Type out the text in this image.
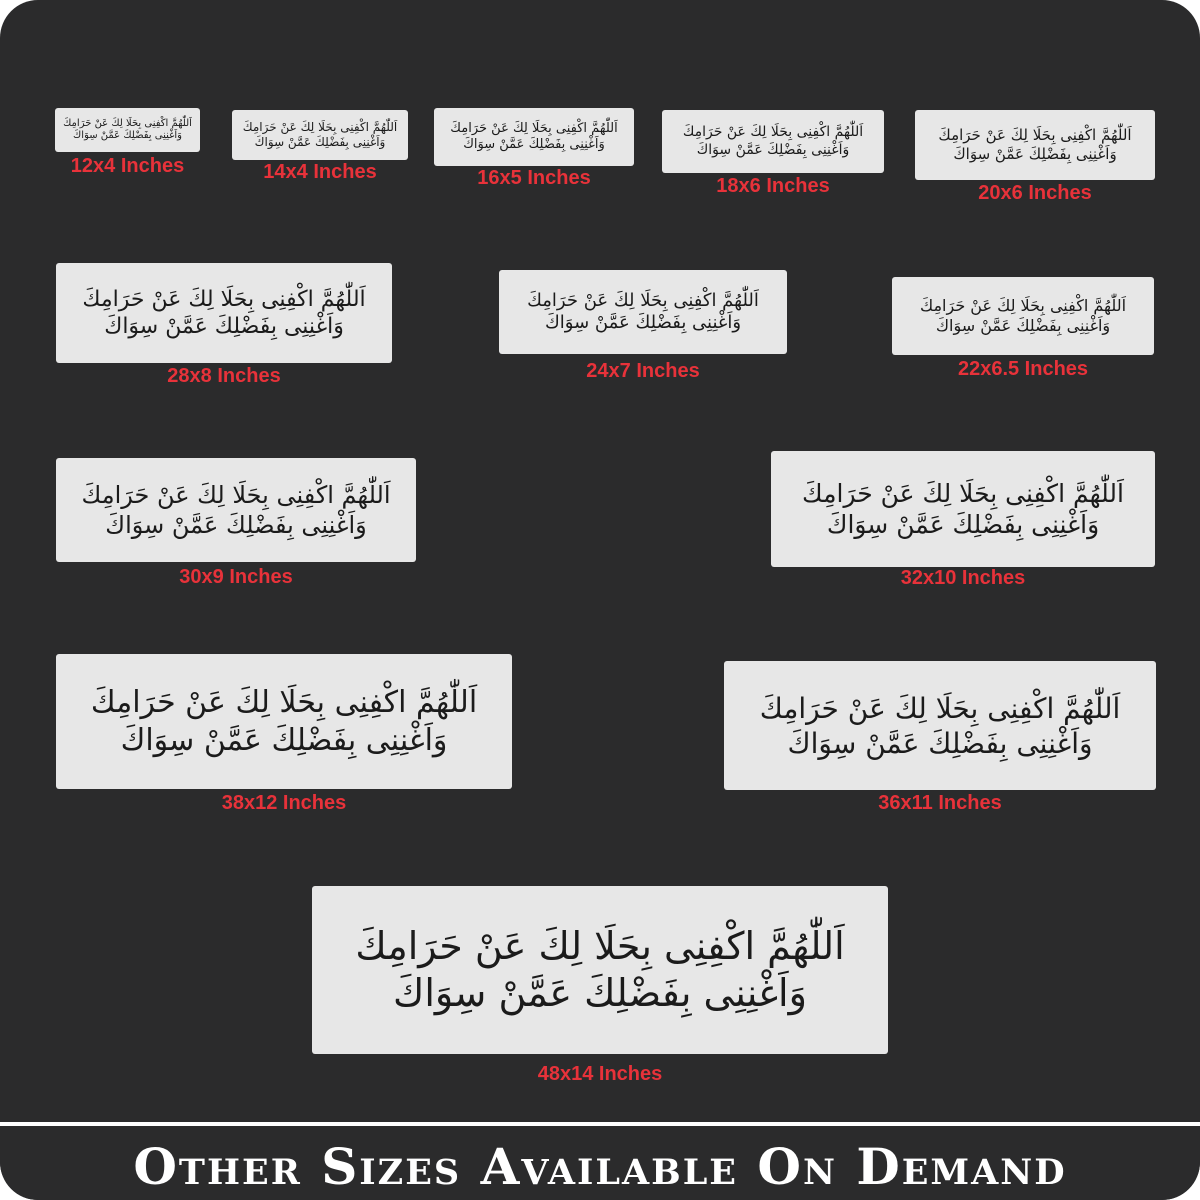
اَللّٰهُمَّ اكْفِنِى بِحَلَا لِكَ عَنْ حَرَامِكَ
وَاَغْنِنِى بِفَضْلِكَ عَمَّنْ سِوَاكَ
12x4 Inches
اَللّٰهُمَّ اكْفِنِى بِحَلَا لِكَ عَنْ حَرَامِكَ
وَاَغْنِنِى بِفَضْلِكَ عَمَّنْ سِوَاكَ
14x4 Inches
اَللّٰهُمَّ اكْفِنِى بِحَلَا لِكَ عَنْ حَرَامِكَ
وَاَغْنِنِى بِفَضْلِكَ عَمَّنْ سِوَاكَ
16x5 Inches
اَللّٰهُمَّ اكْفِنِى بِحَلَا لِكَ عَنْ حَرَامِكَ
وَاَغْنِنِى بِفَضْلِكَ عَمَّنْ سِوَاكَ
18x6 Inches
اَللّٰهُمَّ اكْفِنِى بِحَلَا لِكَ عَنْ حَرَامِكَ
وَاَغْنِنِى بِفَضْلِكَ عَمَّنْ سِوَاكَ
20x6 Inches
اَللّٰهُمَّ اكْفِنِى بِحَلَا لِكَ عَنْ حَرَامِكَ
وَاَغْنِنِى بِفَضْلِكَ عَمَّنْ سِوَاكَ
28x8 Inches
اَللّٰهُمَّ اكْفِنِى بِحَلَا لِكَ عَنْ حَرَامِكَ
وَاَغْنِنِى بِفَضْلِكَ عَمَّنْ سِوَاكَ
24x7 Inches
اَللّٰهُمَّ اكْفِنِى بِحَلَا لِكَ عَنْ حَرَامِكَ
وَاَغْنِنِى بِفَضْلِكَ عَمَّنْ سِوَاكَ
22x6.5 Inches
اَللّٰهُمَّ اكْفِنِى بِحَلَا لِكَ عَنْ حَرَامِكَ
وَاَغْنِنِى بِفَضْلِكَ عَمَّنْ سِوَاكَ
30x9 Inches
اَللّٰهُمَّ اكْفِنِى بِحَلَا لِكَ عَنْ حَرَامِكَ
وَاَغْنِنِى بِفَضْلِكَ عَمَّنْ سِوَاكَ
32x10 Inches
اَللّٰهُمَّ اكْفِنِى بِحَلَا لِكَ عَنْ حَرَامِكَ
وَاَغْنِنِى بِفَضْلِكَ عَمَّنْ سِوَاكَ
38x12 Inches
اَللّٰهُمَّ اكْفِنِى بِحَلَا لِكَ عَنْ حَرَامِكَ
وَاَغْنِنِى بِفَضْلِكَ عَمَّنْ سِوَاكَ
36x11 Inches
اَللّٰهُمَّ اكْفِنِى بِحَلَا لِكَ عَنْ حَرَامِكَ
وَاَغْنِنِى بِفَضْلِكَ عَمَّنْ سِوَاكَ
48x14 Inches
Other Sizes Available On Demand
